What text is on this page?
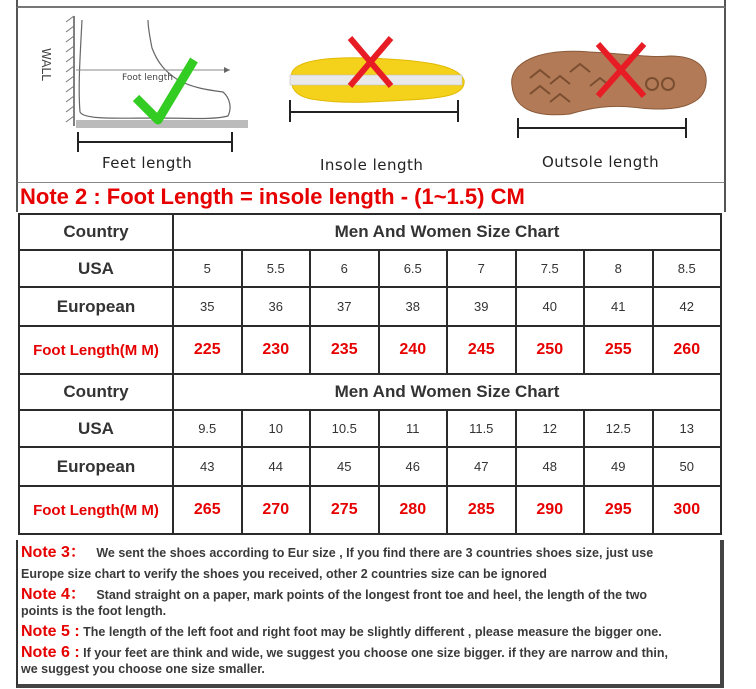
WALL	Foot length
Feet length	Insole length	Outsole length
Note 2 : Foot Length = insole length - (1~1.5) CM
Country	Men And Women Size Chart							
USA	5	5.5	6	6.5	7	7.5	8	8.5
European	35	36	37	38	39	40	41	42
Foot Length(M M)	225	230	235	240	245	250	255	260
Country	Men And Women Size Chart							
USA	9.5	10	10.5	11	11.5	12	12.5	13
European	43	44	45	46	47	48	49	50
Foot Length(M M)	265	270	275	280	285	290	295	300
Note 3： We sent the shoes according to Eur size , If you find there are 3 countries shoes size, just use
Europe size chart to verify the shoes you received, other 2 countries size can be ignored
Note 4： Stand straight on a paper, mark points of the longest front toe and heel, the length of the two
points is the foot length.
Note 5 : The length of the left foot and right foot may be slightly different , please measure the bigger one.
Note 6 : If your feet are think and wide, we suggest you choose one size bigger. if they are narrow and thin,
we suggest you choose one size smaller.
